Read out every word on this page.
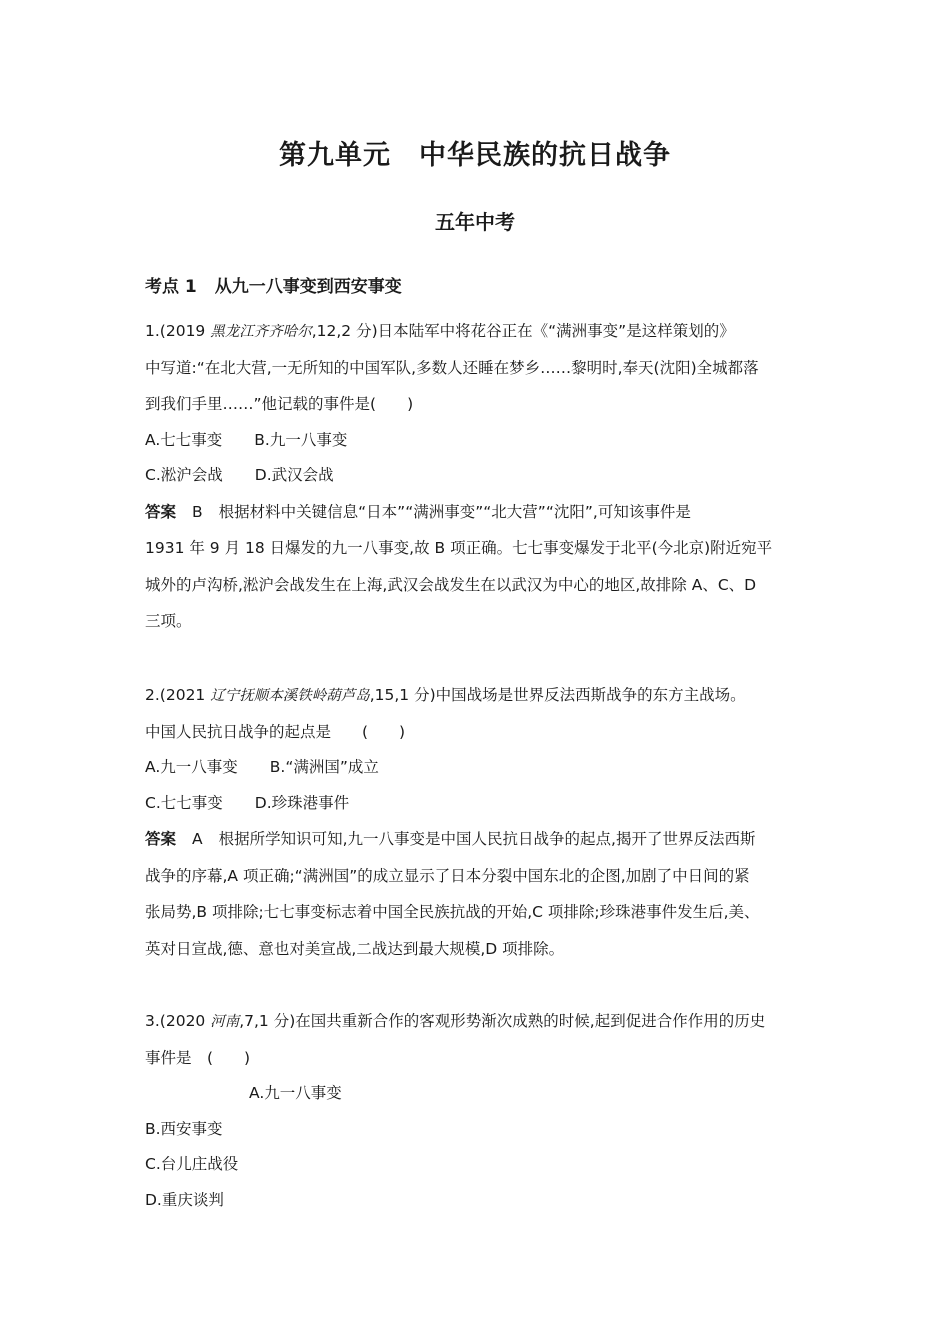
第九单元　中华民族的抗日战争
五年中考
考点 1 从九一八事变到西安事变
1.(2019 黑龙江齐齐哈尔,12,2 分)日本陆军中将花谷正在《“满洲事变”是这样策划的》
中写道:“在北大营,一无所知的中国军队,多数人还睡在梦乡……黎明时,奉天(沈阳)全城都落
到我们手里……”他记载的事件是(　　)
A.七七事变 B.九一八事变
C.淞沪会战 D.武汉会战
答案 B 根据材料中关键信息“日本”“满洲事变”“北大营”“沈阳”,可知该事件是
1931 年 9 月 18 日爆发的九一八事变,故 B 项正确。七七事变爆发于北平(今北京)附近宛平
城外的卢沟桥,淞沪会战发生在上海,武汉会战发生在以武汉为中心的地区,故排除 A、C、D
三项。
2.(2021 辽宁抚顺本溪铁岭葫芦岛,15,1 分)中国战场是世界反法西斯战争的东方主战场。
中国人民抗日战争的起点是　　(　　)
A.九一八事变 B.“满洲国”成立
C.七七事变 D.珍珠港事件
答案 A 根据所学知识可知,九一八事变是中国人民抗日战争的起点,揭开了世界反法西斯
战争的序幕,A 项正确;“满洲国”的成立显示了日本分裂中国东北的企图,加剧了中日间的紧
张局势,B 项排除;七七事变标志着中国全民族抗战的开始,C 项排除;珍珠港事件发生后,美、
英对日宣战,德、意也对美宣战,二战达到最大规模,D 项排除。
3.(2020 河南,7,1 分)在国共重新合作的客观形势渐次成熟的时候,起到促进合作作用的历史
事件是　(　　)
A.九一八事变
B.西安事变
C.台儿庄战役
D.重庆谈判
